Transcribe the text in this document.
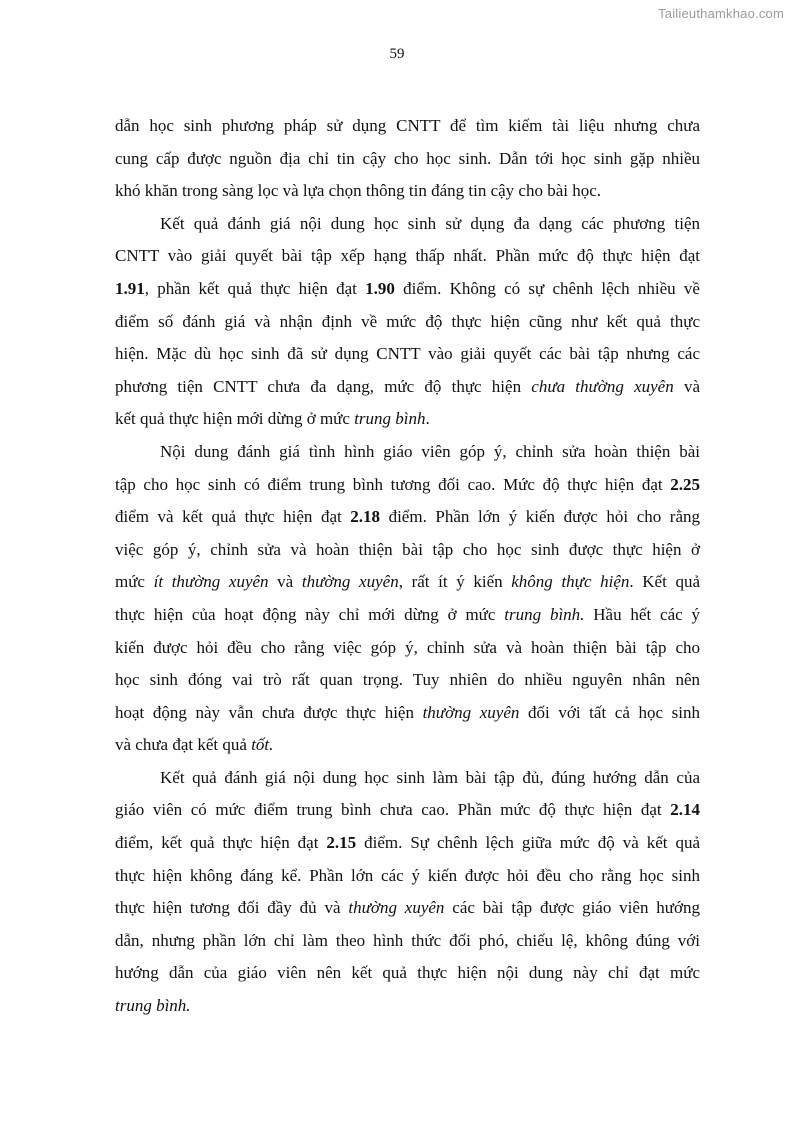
Tailieuthamkhao.com
59
dẫn học sinh phương pháp sử dụng CNTT để tìm kiếm tài liệu nhưng chưa
cung cấp được nguồn địa chỉ tin cậy cho học sinh. Dẫn tới học sinh gặp nhiều
khó khăn trong sàng lọc và lựa chọn thông tin đáng tin cậy cho bài học.
Kết quả đánh giá nội dung học sinh sử dụng đa dạng các phương tiện
CNTT vào giải quyết bài tập xếp hạng thấp nhất. Phần mức độ thực hiện đạt
1.91, phần kết quả thực hiện đạt 1.90 điểm. Không có sự chênh lệch nhiều về
điểm số đánh giá và nhận định về mức độ thực hiện cũng như kết quả thực
hiện. Mặc dù học sinh đã sử dụng CNTT vào giải quyết các bài tập nhưng các
phương tiện CNTT chưa đa dạng, mức độ thực hiện chưa thường xuyên và
kết quả thực hiện mới dừng ở mức trung bình.
Nội dung đánh giá tình hình giáo viên góp ý, chỉnh sửa hoàn thiện bài
tập cho học sinh có điểm trung bình tương đối cao. Mức độ thực hiện đạt 2.25
điểm và kết quả thực hiện đạt 2.18 điểm. Phần lớn ý kiến được hỏi cho rằng
việc góp ý, chỉnh sửa và hoàn thiện bài tập cho học sinh được thực hiện ở
mức ít thường xuyên và thường xuyên, rất ít ý kiến không thực hiện. Kết quả
thực hiện của hoạt động này chỉ mới dừng ở mức trung bình. Hầu hết các ý
kiến được hỏi đều cho rằng việc góp ý, chỉnh sửa và hoàn thiện bài tập cho
học sinh đóng vai trò rất quan trọng. Tuy nhiên do nhiều nguyên nhân nên
hoạt động này vẫn chưa được thực hiện thường xuyên đối với tất cả học sinh
và chưa đạt kết quả tốt.
Kết quả đánh giá nội dung học sinh làm bài tập đủ, đúng hướng dẫn của
giáo viên có mức điểm trung bình chưa cao. Phần mức độ thực hiện đạt 2.14
điểm, kết quả thực hiện đạt 2.15 điểm. Sự chênh lệch giữa mức độ và kết quả
thực hiện không đáng kể. Phần lớn các ý kiến được hỏi đều cho rằng học sinh
thực hiện tương đối đầy đủ và thường xuyên các bài tập được giáo viên hướng
dẫn, nhưng phần lớn chỉ làm theo hình thức đối phó, chiếu lệ, không đúng với
hướng dẫn của giáo viên nên kết quả thực hiện nội dung này chỉ đạt mức
trung bình.
